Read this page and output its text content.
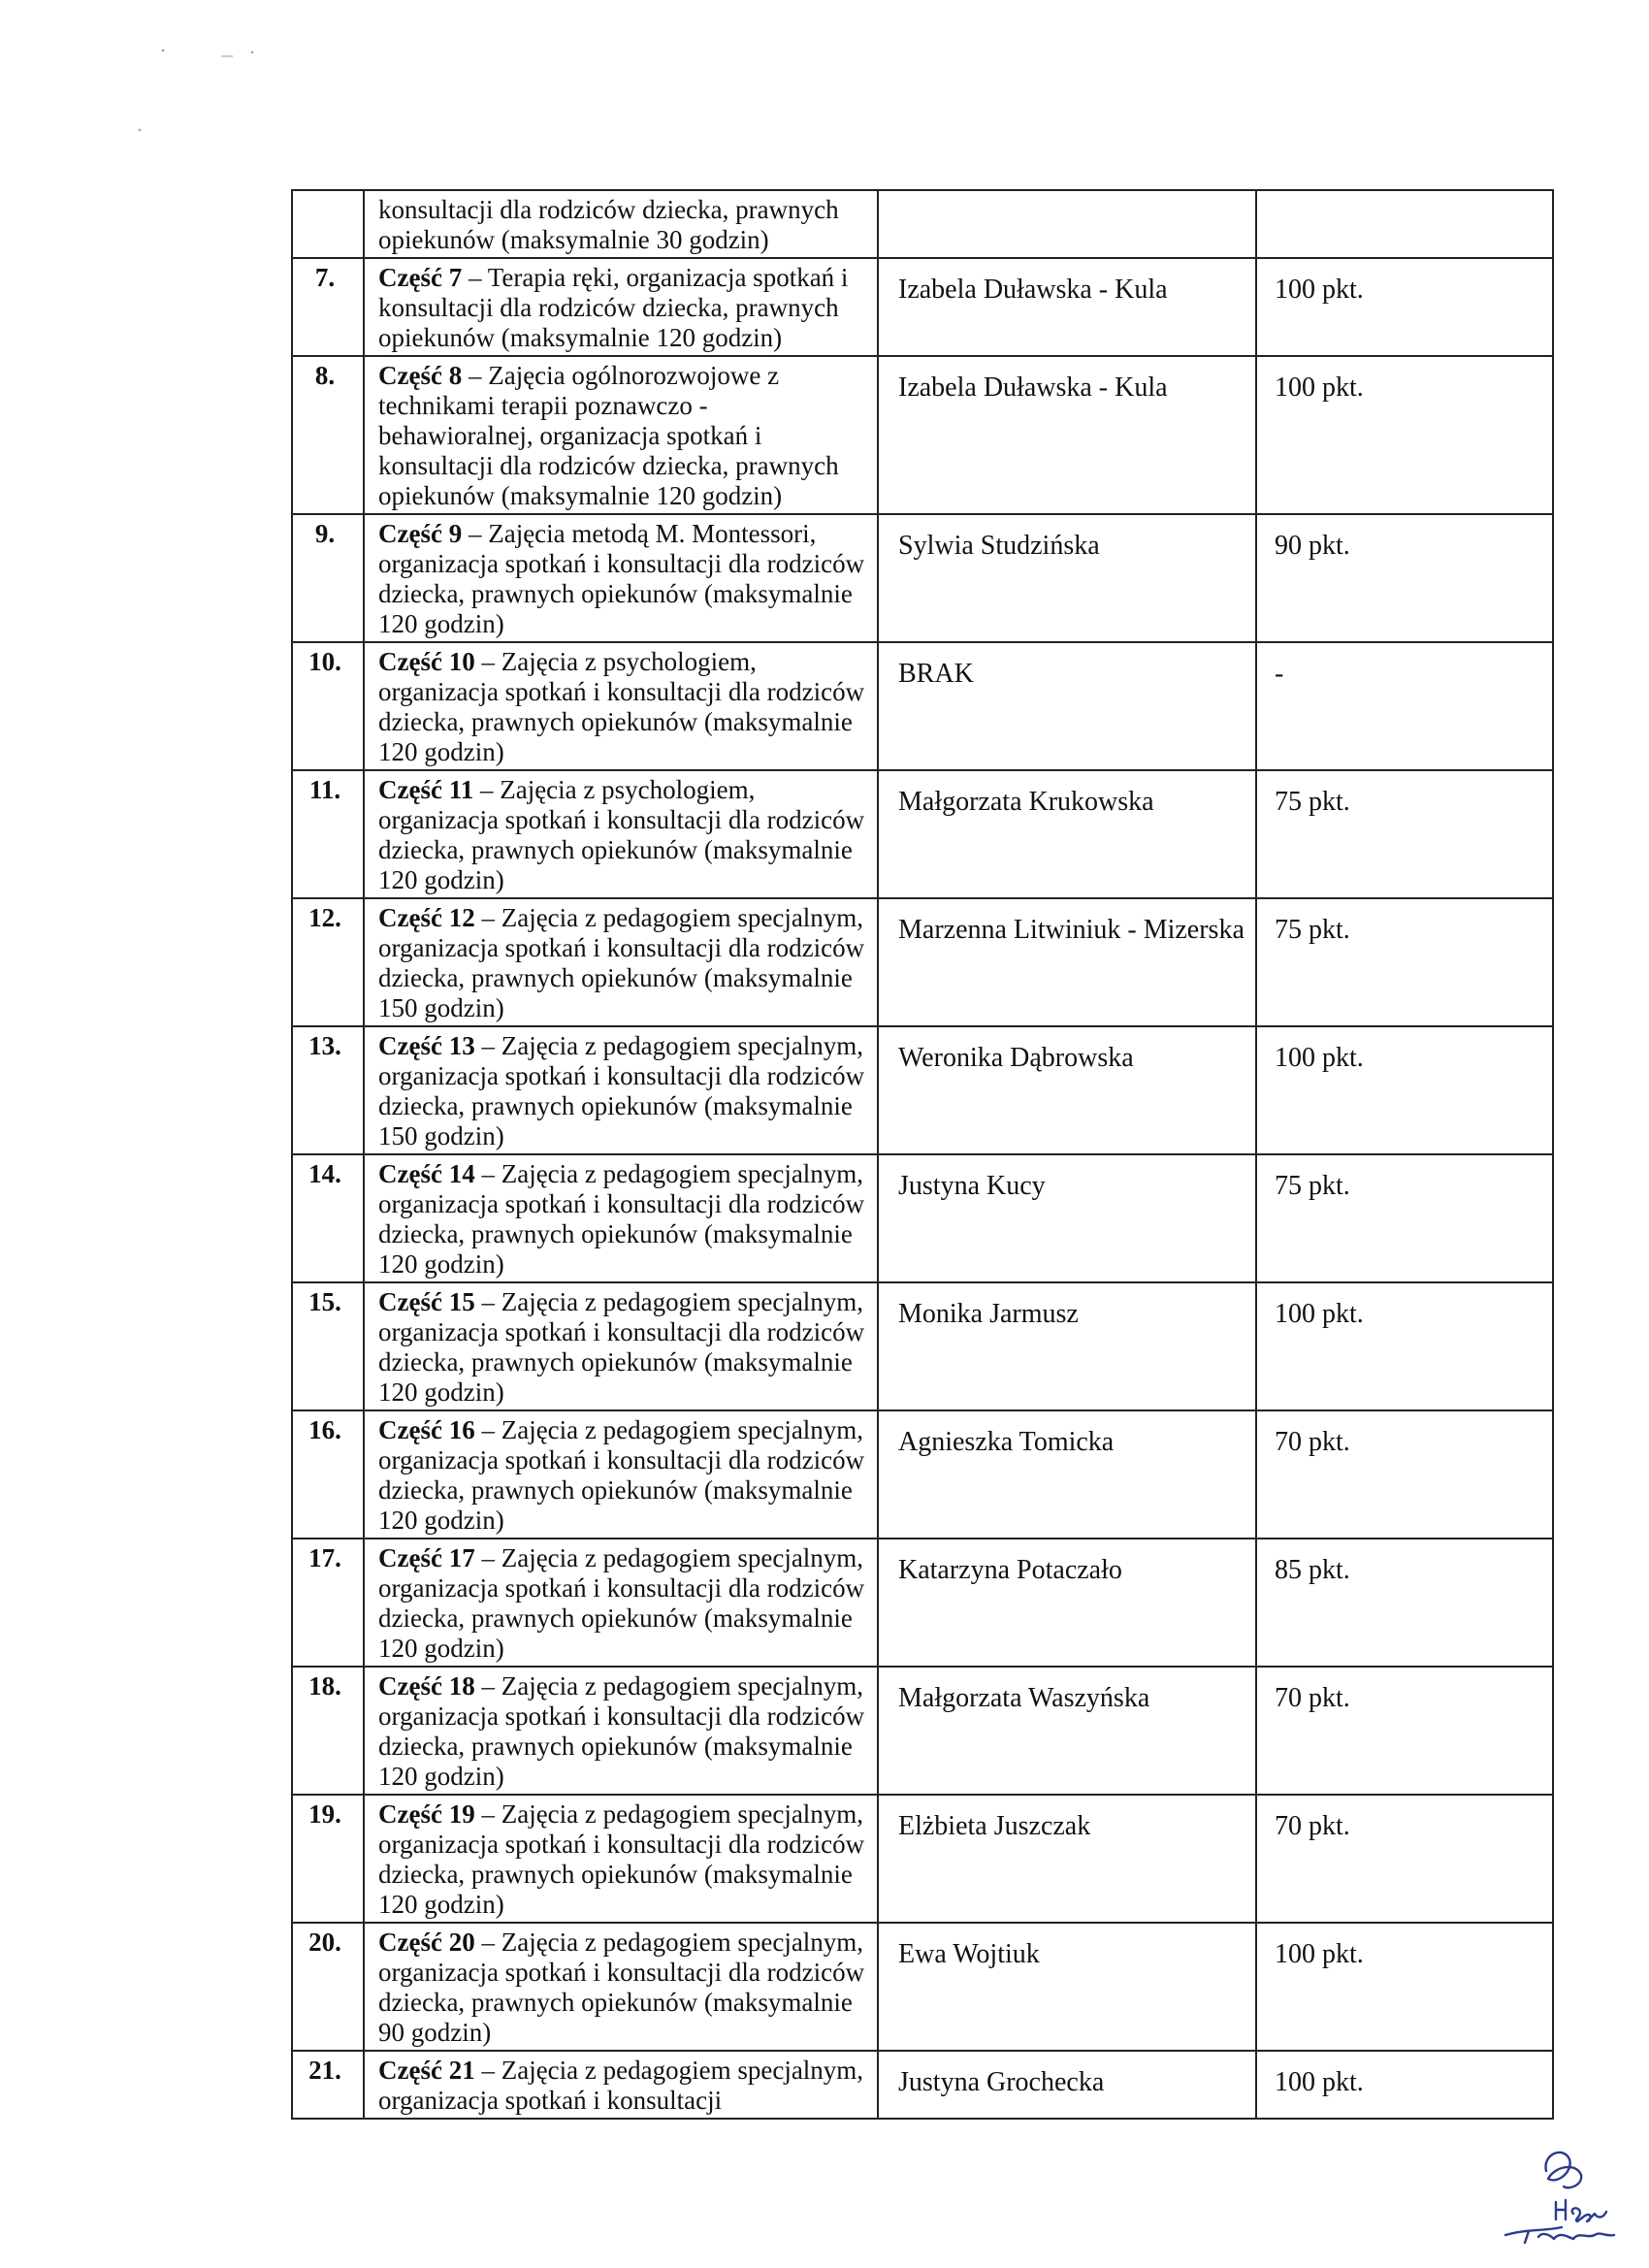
	konsultacji dla rodziców dziecka, prawnych opiekunów (maksymalnie 30 godzin)		
7.	Część 7 – Terapia ręki, organizacja spotkań i konsultacji dla rodziców dziecka, prawnych opiekunów (maksymalnie 120 godzin)	Izabela Duławska - Kula	100 pkt.
8.	Część 8 – Zajęcia ogólnorozwojowe z technikami terapii poznawczo - behawioralnej, organizacja spotkań i konsultacji dla rodziców dziecka, prawnych opiekunów (maksymalnie 120 godzin)	Izabela Duławska - Kula	100 pkt.
9.	Część 9 – Zajęcia metodą M. Montessori, organizacja spotkań i konsultacji dla rodziców dziecka, prawnych opiekunów (maksymalnie 120 godzin)	Sylwia Studzińska	90 pkt.
10.	Część 10 – Zajęcia z psychologiem, organizacja spotkań i konsultacji dla rodziców dziecka, prawnych opiekunów (maksymalnie 120 godzin)	BRAK	-
11.	Część 11 – Zajęcia z psychologiem, organizacja spotkań i konsultacji dla rodziców dziecka, prawnych opiekunów (maksymalnie 120 godzin)	Małgorzata Krukowska	75 pkt.
12.	Część 12 – Zajęcia z pedagogiem specjalnym, organizacja spotkań i konsultacji dla rodziców dziecka, prawnych opiekunów (maksymalnie 150 godzin)	Marzenna Litwiniuk - Mizerska	75 pkt.
13.	Część 13 – Zajęcia z pedagogiem specjalnym, organizacja spotkań i konsultacji dla rodziców dziecka, prawnych opiekunów (maksymalnie 150 godzin)	Weronika Dąbrowska	100 pkt.
14.	Część 14 – Zajęcia z pedagogiem specjalnym, organizacja spotkań i konsultacji dla rodziców dziecka, prawnych opiekunów (maksymalnie 120 godzin)	Justyna Kucy	75 pkt.
15.	Część 15 – Zajęcia z pedagogiem specjalnym, organizacja spotkań i konsultacji dla rodziców dziecka, prawnych opiekunów (maksymalnie 120 godzin)	Monika Jarmusz	100 pkt.
16.	Część 16 – Zajęcia z pedagogiem specjalnym, organizacja spotkań i konsultacji dla rodziców dziecka, prawnych opiekunów (maksymalnie 120 godzin)	Agnieszka Tomicka	70 pkt.
17.	Część 17 – Zajęcia z pedagogiem specjalnym, organizacja spotkań i konsultacji dla rodziców dziecka, prawnych opiekunów (maksymalnie 120 godzin)	Katarzyna Potaczało	85 pkt.
18.	Część 18 – Zajęcia z pedagogiem specjalnym, organizacja spotkań i konsultacji dla rodziców dziecka, prawnych opiekunów (maksymalnie 120 godzin)	Małgorzata Waszyńska	70 pkt.
19.	Część 19 – Zajęcia z pedagogiem specjalnym, organizacja spotkań i konsultacji dla rodziców dziecka, prawnych opiekunów (maksymalnie 120 godzin)	Elżbieta Juszczak	70 pkt.
20.	Część 20 – Zajęcia z pedagogiem specjalnym, organizacja spotkań i konsultacji dla rodziców dziecka, prawnych opiekunów (maksymalnie 90 godzin)	Ewa Wojtiuk	100 pkt.
21.	Część 21 – Zajęcia z pedagogiem specjalnym, organizacja spotkań i konsultacji	Justyna Grochecka	100 pkt.
